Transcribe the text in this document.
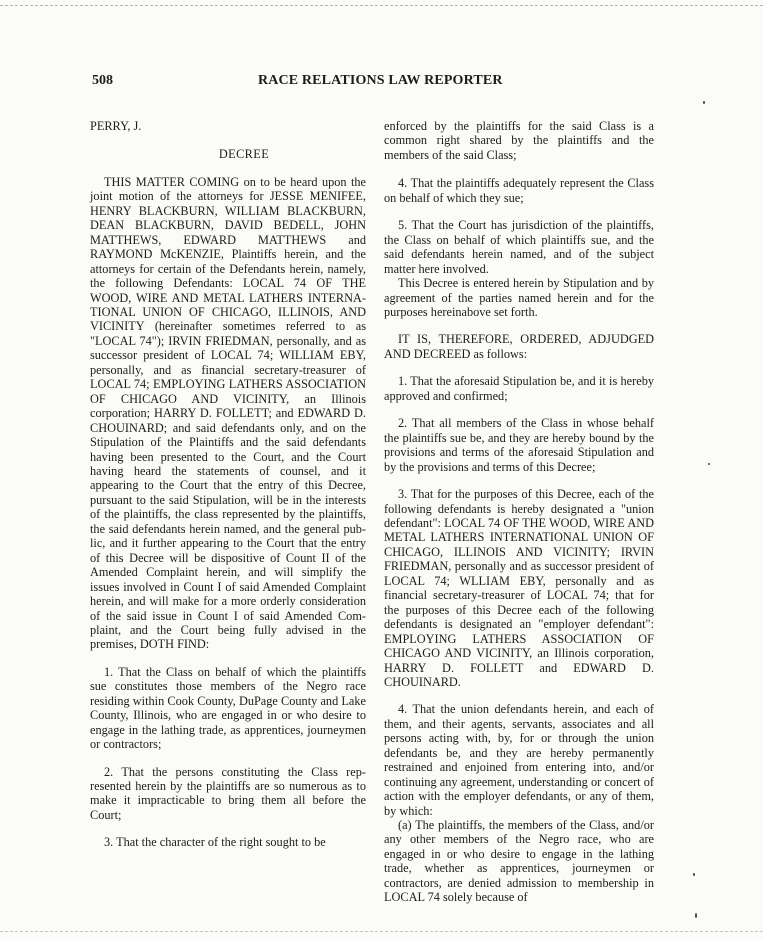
508	RACE RELATIONS LAW REPORTER

PERRY, J.

DECREE

THIS MATTER COMING on to be heard upon the joint motion of the attorneys for JESSE MENIFEE, HENRY BLACKBURN, WILLIAM BLACKBURN, DEAN BLACKBURN, DAVID BEDELL, JOHN MATTHEWS, EDWARD MATTHEWS and RAYMOND McKENZIE, Plaintiffs herein, and the attorneys for certain of the Defendants herein, namely, the following Defendants: LOCAL 74 OF THE WOOD, WIRE AND METAL LATHERS INTERNATIONAL UNION OF CHICAGO, ILLINOIS, AND VICINITY (hereinafter sometimes referred to as "LOCAL 74"); IRVIN FRIEDMAN, personally, and as successor president of LOCAL 74; WILLIAM EBY, personally, and as financial secretary-treasurer of LOCAL 74; EMPLOYING LATHERS ASSOCIATION OF CHICAGO AND VICINITY, an Illinois corporation; HARRY D. FOLLETT; and EDWARD D. CHOUINARD; and said defendants only, and on the Stipulation of the Plaintiffs and the said defendants having been presented to the Court, and the Court having heard the statements of counsel, and it appearing to the Court that the entry of this Decree, pursuant to the said Stipulation, will be in the interests of the plaintiffs, the class represented by the plaintiffs, the said defendants herein named, and the general public, and it further appearing to the Court that the entry of this Decree will be dispositive of Count II of the Amended Complaint herein, and will simplify the issues involved in Count I of said Amended Complaint herein, and will make for a more orderly consideration of the said issue in Count I of said Amended Complaint, and the Court being fully advised in the premises, DOTH FIND:

1. That the Class on behalf of which the plaintiffs sue constitutes those members of the Negro race residing within Cook County, DuPage County and Lake County, Illinois, who are engaged in or who desire to engage in the lathing trade, as apprentices, journeymen or contractors;

2. That the persons constituting the Class represented herein by the plaintiffs are so numerous as to make it impracticable to bring them all before the Court;

3. That the character of the right sought to be

enforced by the plaintiffs for the said Class is a common right shared by the plaintiffs and the members of the said Class;

4. That the plaintiffs adequately represent the Class on behalf of which they sue;

5. That the Court has jurisdiction of the plaintiffs, the Class on behalf of which plaintiffs sue, and the said defendants herein named, and of the subject matter here involved.

This Decree is entered herein by Stipulation and by agreement of the parties named herein and for the purposes hereinabove set forth.

IT IS, THEREFORE, ORDERED, ADJUDGED AND DECREED as follows:

1. That the aforesaid Stipulation be, and it is hereby approved and confirmed;

2. That all members of the Class in whose behalf the plaintiffs sue be, and they are hereby bound by the provisions and terms of the aforesaid Stipulation and by the provisions and terms of this Decree;

3. That for the purposes of this Decree, each of the following defendants is hereby designated a "union defendant": LOCAL 74 OF THE WOOD, WIRE AND METAL LATHERS INTERNATIONAL UNION OF CHICAGO, ILLINOIS AND VICINITY; IRVIN FRIEDMAN, personally and as successor president of LOCAL 74; WLLIAM EBY, personally and as financial secretary-treasurer of LOCAL 74; that for the purposes of this Decree each of the following defendants is designated an "employer defendant": EMPLOYING LATHERS ASSOCIATION OF CHICAGO AND VICINITY, an Illinois corporation, HARRY D. FOLLETT and EDWARD D. CHOUINARD.

4. That the union defendants herein, and each of them, and their agents, servants, associates and all persons acting with, by, for or through the union defendants be, and they are hereby permanently restrained and enjoined from entering into, and/or continuing any agreement, understanding or concert of action with the employer defendants, or any of them, by which:

(a) The plaintiffs, the members of the Class, and/or any other members of the Negro race, who are engaged in or who desire to engage in the lathing trade, whether as apprentices, journeymen or contractors, are denied admission to membership in LOCAL 74 solely because of
